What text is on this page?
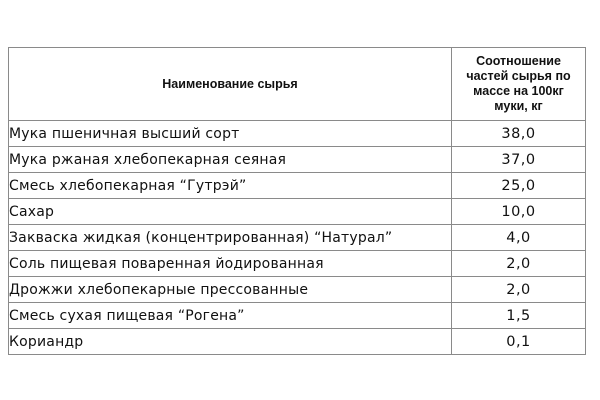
Наименование сырья	Соотношение
частей сырья по
массе на 100кг
муки, кг
Мука пшеничная высший сорт	38,0
Мука ржаная хлебопекарная сеяная	37,0
Смесь хлебопекарная “Гутрэй”	25,0
Сахар	10,0
Закваска жидкая (концентрированная) “Натурал”	4,0
Соль пищевая поваренная йодированная	2,0
Дрожжи хлебопекарные прессованные	2,0
Смесь сухая пищевая “Рогена”	1,5
Кориандр	0,1
